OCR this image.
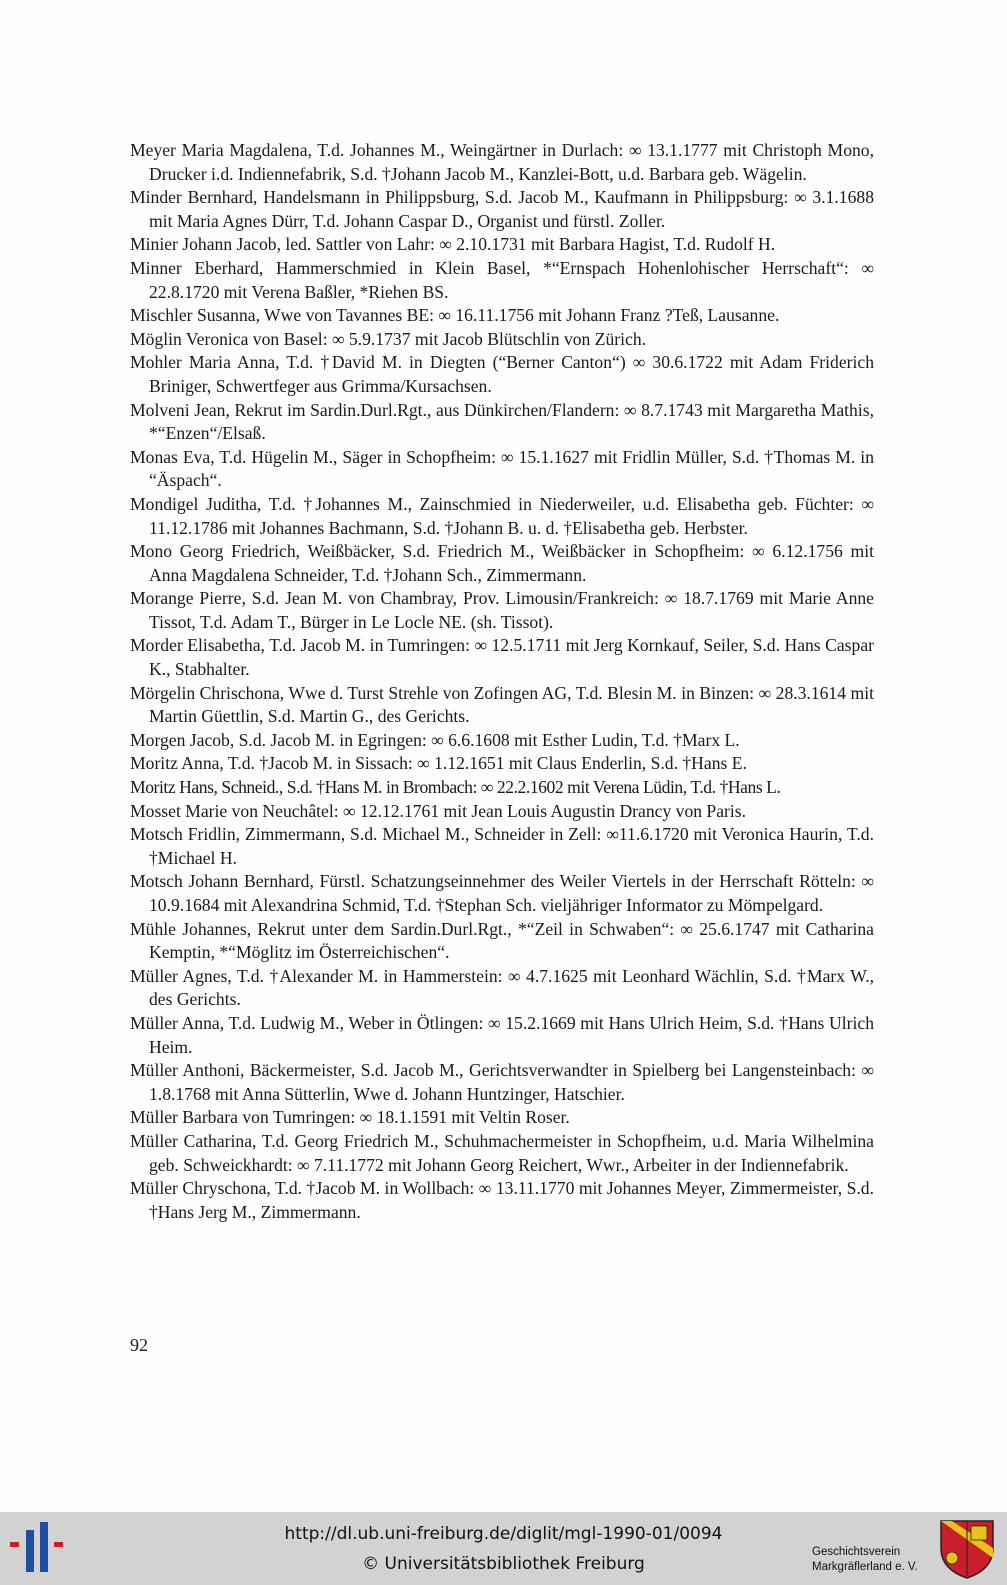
Meyer Maria Magdalena, T.d. Johannes M., Weingärtner in Durlach: ∞ 13.1.1777 mit Christoph Mono, Drucker i.d. Indiennefabrik, S.d. †Johann Jacob M., Kanzlei-Bott, u.d. Barbara geb. Wägelin.

Minder Bernhard, Handelsmann in Philippsburg, S.d. Jacob M., Kaufmann in Philippsburg: ∞ 3.1.1688 mit Maria Agnes Dürr, T.d. Johann Caspar D., Organist und fürstl. Zoller.

Minier Johann Jacob, led. Sattler von Lahr: ∞ 2.10.1731 mit Barbara Hagist, T.d. Rudolf H.

Minner Eberhard, Hammerschmied in Klein Basel, *“Ernspach Hohenlohischer Herrschaft“: ∞ 22.8.1720 mit Verena Baßler, *Riehen BS.

Mischler Susanna, Wwe von Tavannes BE: ∞ 16.11.1756 mit Johann Franz ?Teß, Lausanne.

Möglin Veronica von Basel: ∞ 5.9.1737 mit Jacob Blütschlin von Zürich.

Mohler Maria Anna, T.d. †David M. in Diegten (“Berner Canton“) ∞ 30.6.1722 mit Adam Friderich Briniger, Schwertfeger aus Grimma/Kursachsen.

Molveni Jean, Rekrut im Sardin.Durl.Rgt., aus Dünkirchen/Flandern: ∞ 8.7.1743 mit Margaretha Mathis, *“Enzen“/Elsaß.

Monas Eva, T.d. Hügelin M., Säger in Schopfheim: ∞ 15.1.1627 mit Fridlin Müller, S.d. †Thomas M. in “Äspach“.

Mondigel Juditha, T.d. †Johannes M., Zainschmied in Niederweiler, u.d. Elisabetha geb. Füchter: ∞ 11.12.1786 mit Johannes Bachmann, S.d. †Johann B. u. d. †Elisabetha geb. Herbster.

Mono Georg Friedrich, Weißbäcker, S.d. Friedrich M., Weißbäcker in Schopfheim: ∞ 6.12.1756 mit Anna Magdalena Schneider, T.d. †Johann Sch., Zimmermann.

Morange Pierre, S.d. Jean M. von Chambray, Prov. Limousin/Frankreich: ∞ 18.7.1769 mit Marie Anne Tissot, T.d. Adam T., Bürger in Le Locle NE. (sh. Tissot).

Morder Elisabetha, T.d. Jacob M. in Tumringen: ∞ 12.5.1711 mit Jerg Kornkauf, Seiler, S.d. Hans Caspar K., Stabhalter.

Mörgelin Chrischona, Wwe d. Turst Strehle von Zofingen AG, T.d. Blesin M. in Binzen: ∞ 28.3.1614 mit Martin Güettlin, S.d. Martin G., des Gerichts.

Morgen Jacob, S.d. Jacob M. in Egringen: ∞ 6.6.1608 mit Esther Ludin, T.d. †Marx L.

Moritz Anna, T.d. †Jacob M. in Sissach: ∞ 1.12.1651 mit Claus Enderlin, S.d. †Hans E.

Moritz Hans, Schneid., S.d. †Hans M. in Brombach: ∞ 22.2.1602 mit Verena Lüdin, T.d. †Hans L.

Mosset Marie von Neuchâtel: ∞ 12.12.1761 mit Jean Louis Augustin Drancy von Paris.

Motsch Fridlin, Zimmermann, S.d. Michael M., Schneider in Zell: ∞11.6.1720 mit Veronica Haurin, T.d. †Michael H.

Motsch Johann Bernhard, Fürstl. Schatzungseinnehmer des Weiler Viertels in der Herrschaft Rötteln: ∞ 10.9.1684 mit Alexandrina Schmid, T.d. †Stephan Sch. vieljähriger Informator zu Mömpelgard.

Mühle Johannes, Rekrut unter dem Sardin.Durl.Rgt., *“Zeil in Schwaben“: ∞ 25.6.1747 mit Catharina Kemptin, *“Möglitz im Österreichischen“.

Müller Agnes, T.d. †Alexander M. in Hammerstein: ∞ 4.7.1625 mit Leonhard Wächlin, S.d. †Marx W., des Gerichts.

Müller Anna, T.d. Ludwig M., Weber in Ötlingen: ∞ 15.2.1669 mit Hans Ulrich Heim, S.d. †Hans Ulrich Heim.

Müller Anthoni, Bäckermeister, S.d. Jacob M., Gerichtsverwandter in Spielberg bei Langensteinbach: ∞ 1.8.1768 mit Anna Sütterlin, Wwe d. Johann Huntzinger, Hatschier.

Müller Barbara von Tumringen: ∞ 18.1.1591 mit Veltin Roser.

Müller Catharina, T.d. Georg Friedrich M., Schuhmachermeister in Schopfheim, u.d. Maria Wilhelmina geb. Schweickhardt: ∞ 7.11.1772 mit Johann Georg Reichert, Wwr., Arbeiter in der Indiennefabrik.

Müller Chryschona, T.d. †Jacob M. in Wollbach: ∞ 13.11.1770 mit Johannes Meyer, Zimmermeister, S.d. †Hans Jerg M., Zimmermann.

92
http://dl.ub.uni-freiburg.de/diglit/mgl-1990-01/0094
© Universitätsbibliothek Freiburg
Geschichtsverein
Markgräflerland e. V.
